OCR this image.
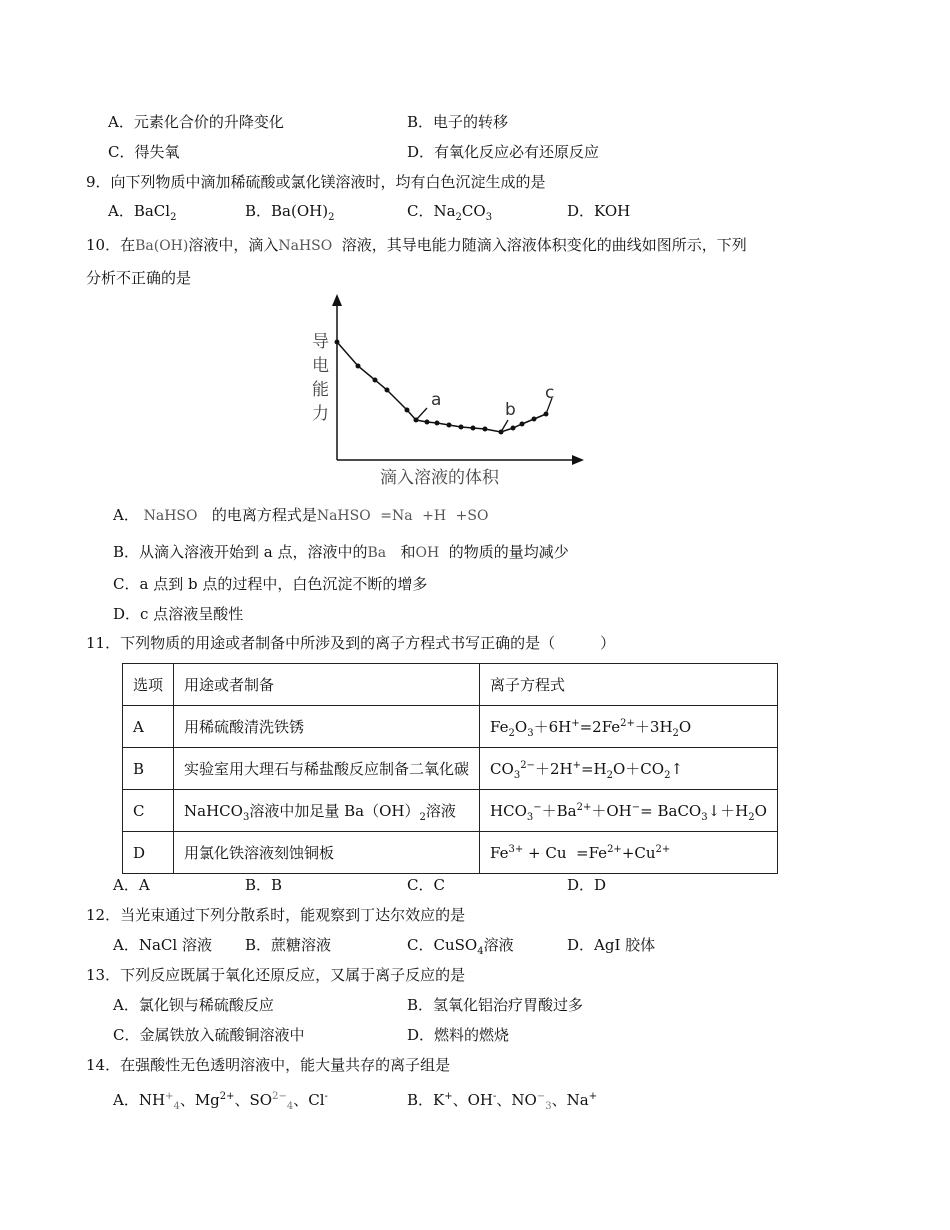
A．元素化合价的升降变化	B．电子的转移
C．得失氧	D．有氧化反应必有还原反应
9．向下列物质中滴加稀硫酸或氯化镁溶液时，均有白色沉淀生成的是
A．BaCl$_2$	B．$Ba(OH)_2$	C．$Na_2CO_3$	D．KOH
10．在Ba(OH)溶液中，滴入NaHSO 溶液，其导电能力随滴入溶液体积变化的曲线如图所示，下列
分析不正确的是
导
电
能
力
滴入溶液的体积
a	b
c
A． NaHSO 的电离方程式是NaHSO =Na +H +SO
B．从滴入溶液开始到 a 点，溶液中的Ba 和OH 的物质的量均减少
C．a 点到 b 点的过程中，白色沉淀不断的增多
D．c 点溶液呈酸性
11．下列物质的用途或者制备中所涉及到的离子方程式书写正确的是（　　　）
选项	用途或者制备	离子方程式
A	用稀硫酸清洗铁锈	$Fe_2O_3+6H^+=2Fe^{2+}+3H_2O$
B	实验室用大理石与稀盐酸反应制备二氧化碳	$CO_3^{2-}+2H^+=H_2O+CO_2↑$
C	NaHCO$_3$溶液中加足量 $Ba(OH)_2$溶液	$HCO_3^-+Ba^{2+}+OH^-=$ $BaCO_3↓+H_2O$
D	用氯化铁溶液刻蚀铜板	$Fe^{3+} + Cu =Fe^{2+}+Cu^{2+}$
A．A	B．B	C．C	D．D
12．当光束通过下列分散系时，能观察到丁达尔效应的是
A．NaCl 溶液 B．蔗糖溶液	C．CuSO$_4$溶液	D．AgI 胶体
13．下列反应既属于氧化还原反应，又属于离子反应的是
A．氯化钡与稀硫酸反应	B．氢氧化铝治疗胃酸过多
C．金属铁放入硫酸铜溶液中	D．燃料的燃烧
14．在强酸性无色透明溶液中，能大量共存的离子组是
A．$NH^+_4$、$Mg^{2+}$、$SO^{2-}_4$、Cl-	B．K+、OH-、$NO^-_3$、Na+
